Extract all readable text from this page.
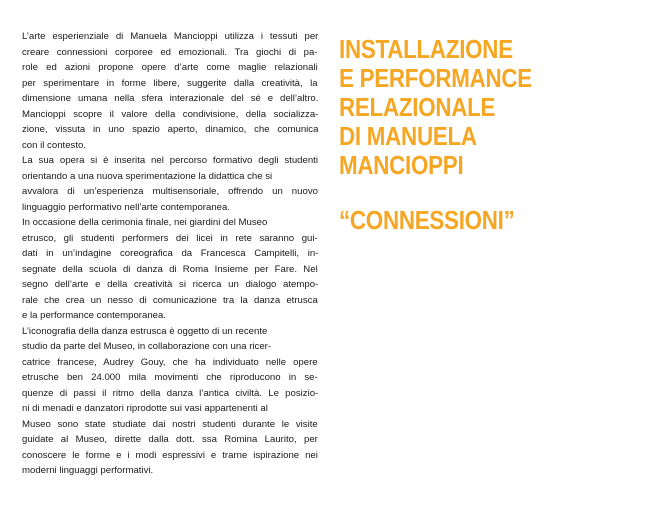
L’arte esperienziale di Manuela Mancioppi utilizza i tessuti per
creare connessioni corporee ed emozionali. Tra giochi di pa-
role ed azioni propone opere d’arte come maglie relazionali
per sperimentare in forme libere, suggerite dalla creatività, la
dimensione umana nella sfera interazionale del sé e dell’altro.
Mancioppi scopre il valore della condivisione, della socializza-
zione, vissuta in uno spazio aperto, dinamico, che comunica
con il contesto.

La sua opera si è inserita nel percorso formativo degli studenti
orientando a una nuova sperimentazione la didattica che si
avvalora di un’esperienza multisensoriale, offrendo un nuovo
linguaggio performativo nell’arte contemporanea.

In occasione della cerimonia finale, nei giardini del Museo
etrusco, gli studenti performers dei licei in rete saranno gui-
dati in un’indagine coreografica da Francesca Campitelli, in-
segnate della scuola di danza di Roma Insieme per Fare. Nel
segno dell’arte e della creatività si ricerca un dialogo atempo-
rale che crea un nesso di comunicazione tra la danza etrusca
e la performance contemporanea.

L’iconografia della danza estrusca è oggetto di un recente
studio da parte del Museo, in collaborazione con una ricer-
catrice francese, Audrey Gouy, che ha individuato nelle opere
etrusche ben 24.000 mila movimenti che riproducono in se-
quenze di passi il ritmo della danza l’antica civiltà. Le posizio-
ni di menadi e danzatori riprodotte sui vasi appartenenti al
Museo sono state studiate dai nostri studenti durante le visite
guidate al Museo, dirette dalla dott. ssa Romina Laurito, per
conoscere le forme e i modi espressivi e trarne ispirazione nei
moderni linguaggi performativi.

INSTALLAZIONE
E PERFORMANCE
RELAZIONALE
DI MANUELA
MANCIOPPI
“CONNESSIONI”
